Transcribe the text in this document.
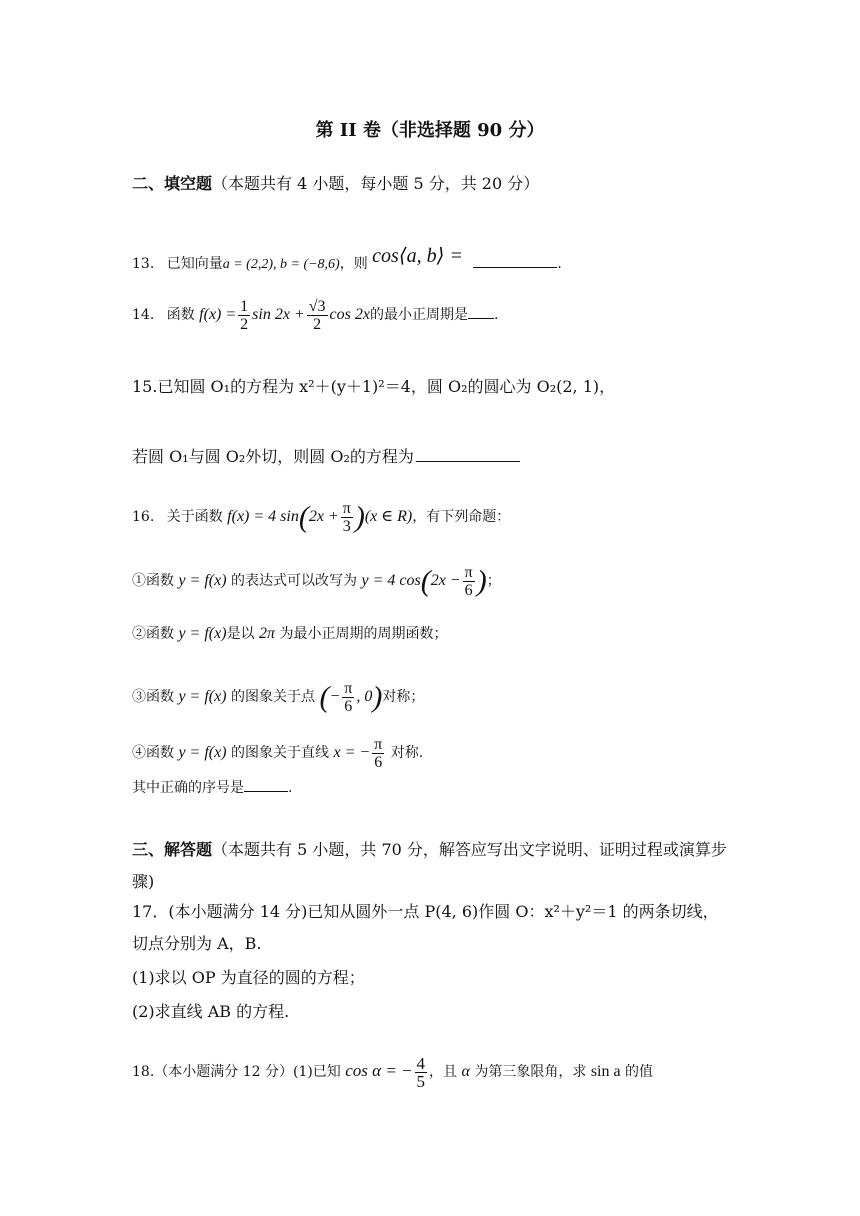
第 II 卷（非选择题 90 分）
二、填空题（本题共有 4 小题，每小题 5 分，共 20 分）
13. 已知向量a = (2,2), b = (−8,6)，则 cos⟨a, b⟩ =	.
14. 函数 $f(x) = \frac{1}{2}$ $\sin 2x + \frac{√3}{2}$ cos 2x的最小正周期是 .
15.已知圆 O₁的方程为 x²＋(y＋1)²＝4，圆 O₂的圆心为 O₂(2, 1)，
若圆 O₁与圆 O₂外切，则圆 O₂的方程为
16. 关于函数 f(x) = 4 $\sin(2x + \frac{\pi}{3} )(x$ ∈ R)，有下列命题：
①函数 y = f(x) 的表达式可以改写为 y = 4 $\cos(2x - \frac{\pi}{6}$ )；
②函数 y = f(x)是以 2π 为最小正周期的周期函数；
③函数 y = f(x) 的图象关于点 (− $\frac{\pi}{6}$ , 0)对称；
④函数 y = f(x) 的图象关于直线 x = − $\frac{\pi}{6}$ 对称.
其中正确的序号是	.
三、解答题（本题共有 5 小题，共 70 分，解答应写出文字说明、证明过程或演算步
骤)
17．(本小题满分 14 分)已知从圆外一点 P(4, 6)作圆 O：x²＋y²＝1 的两条切线，
切点分别为 A，B.
(1)求以 OP 为直径的圆的方程；
(2)求直线 AB 的方程.
18.（本小题满分 12 分）(1)已知 cos α = − $\frac{4}{5}$ ，且 α 为第三象限角，求 sin a 的值
